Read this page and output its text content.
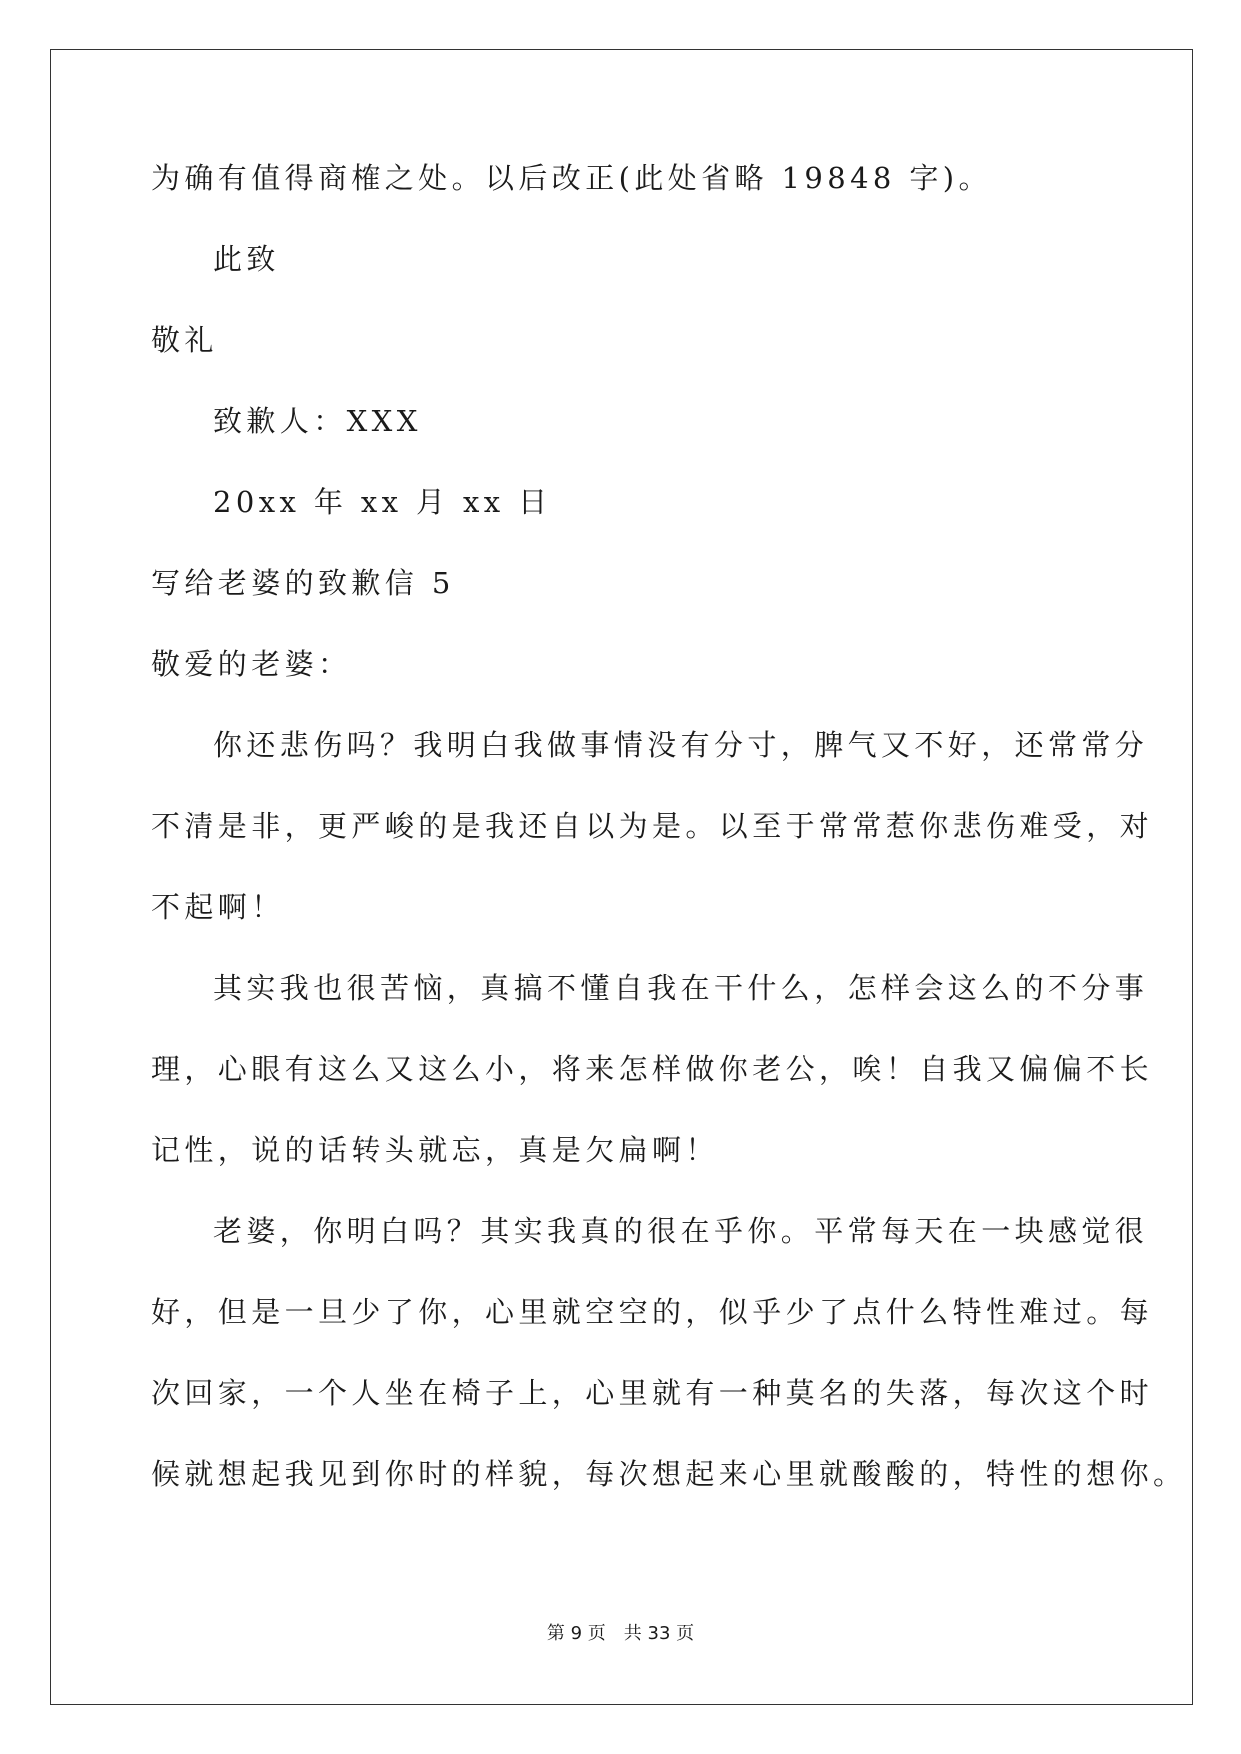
为确有值得商榷之处。以后改正(此处省略 19848 字)。
此致
敬礼
致歉人：XXX
20xx 年 xx 月 xx 日
写给老婆的致歉信 5
敬爱的老婆：
你还悲伤吗？我明白我做事情没有分寸，脾气又不好，还常常分
不清是非，更严峻的是我还自以为是。以至于常常惹你悲伤难受，对
不起啊！
其实我也很苦恼，真搞不懂自我在干什么，怎样会这么的不分事
理，心眼有这么又这么小，将来怎样做你老公，唉！自我又偏偏不长
记性，说的话转头就忘，真是欠扁啊！
老婆，你明白吗？其实我真的很在乎你。平常每天在一块感觉很
好，但是一旦少了你，心里就空空的，似乎少了点什么特性难过。每
次回家，一个人坐在椅子上，心里就有一种莫名的失落，每次这个时
候就想起我见到你时的样貌，每次想起来心里就酸酸的，特性的想你。
第 9 页 共 33 页
